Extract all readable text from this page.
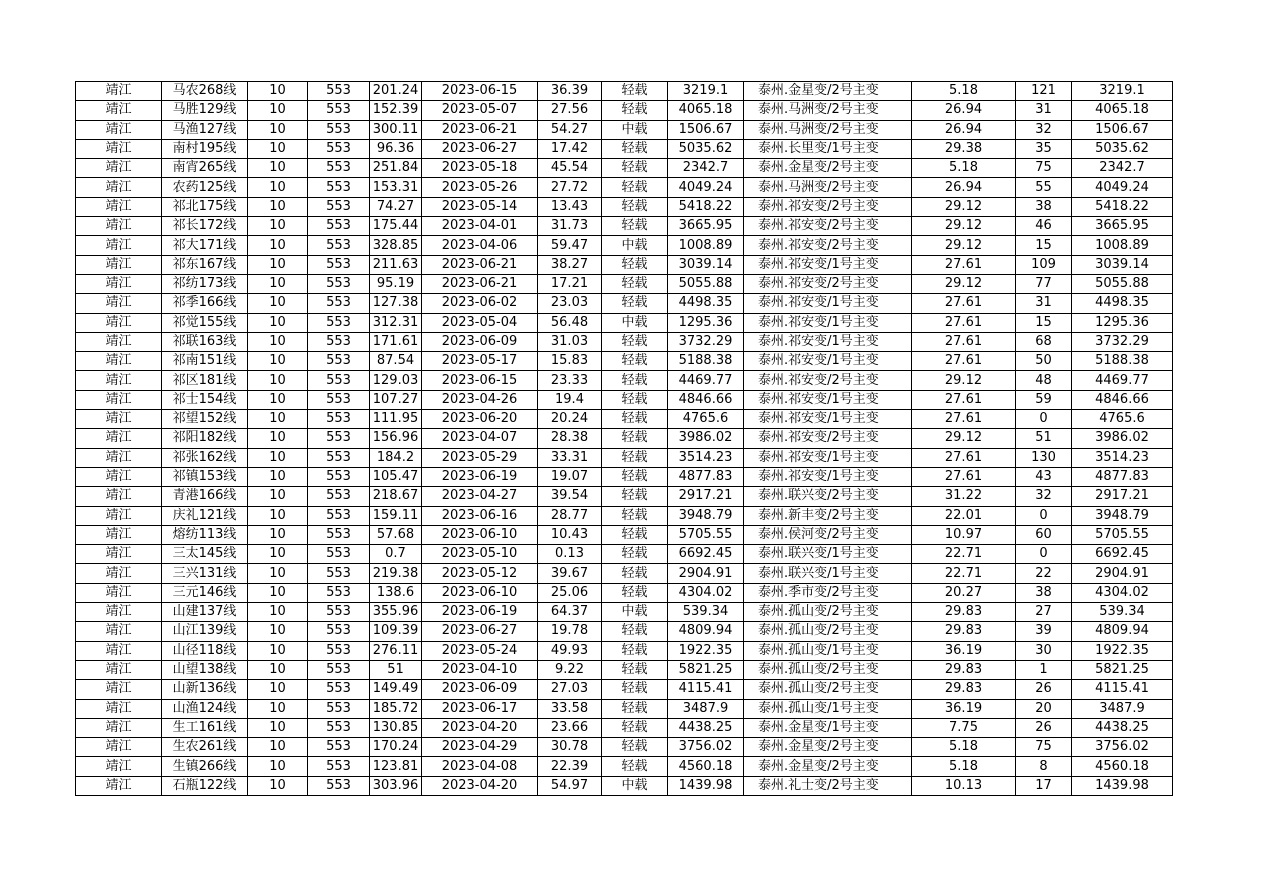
靖江	马农268线	10	553	201.24	2023-06-15	36.39	轻载	3219.1	泰州.金星变/2号主变	5.18	121	3219.1
靖江	马胜129线	10	553	152.39	2023-05-07	27.56	轻载	4065.18	泰州.马洲变/2号主变	26.94	31	4065.18
靖江	马渔127线	10	553	300.11	2023-06-21	54.27	中载	1506.67	泰州.马洲变/2号主变	26.94	32	1506.67
靖江	南村195线	10	553	96.36	2023-06-27	17.42	轻载	5035.62	泰州.长里变/1号主变	29.38	35	5035.62
靖江	南宵265线	10	553	251.84	2023-05-18	45.54	轻载	2342.7	泰州.金星变/2号主变	5.18	75	2342.7
靖江	农药125线	10	553	153.31	2023-05-26	27.72	轻载	4049.24	泰州.马洲变/2号主变	26.94	55	4049.24
靖江	祁北175线	10	553	74.27	2023-05-14	13.43	轻载	5418.22	泰州.祁安变/2号主变	29.12	38	5418.22
靖江	祁长172线	10	553	175.44	2023-04-01	31.73	轻载	3665.95	泰州.祁安变/2号主变	29.12	46	3665.95
靖江	祁大171线	10	553	328.85	2023-04-06	59.47	中载	1008.89	泰州.祁安变/2号主变	29.12	15	1008.89
靖江	祁东167线	10	553	211.63	2023-06-21	38.27	轻载	3039.14	泰州.祁安变/1号主变	27.61	109	3039.14
靖江	祁纺173线	10	553	95.19	2023-06-21	17.21	轻载	5055.88	泰州.祁安变/2号主变	29.12	77	5055.88
靖江	祁季166线	10	553	127.38	2023-06-02	23.03	轻载	4498.35	泰州.祁安变/1号主变	27.61	31	4498.35
靖江	祁觉155线	10	553	312.31	2023-05-04	56.48	中载	1295.36	泰州.祁安变/1号主变	27.61	15	1295.36
靖江	祁联163线	10	553	171.61	2023-06-09	31.03	轻载	3732.29	泰州.祁安变/1号主变	27.61	68	3732.29
靖江	祁南151线	10	553	87.54	2023-05-17	15.83	轻载	5188.38	泰州.祁安变/1号主变	27.61	50	5188.38
靖江	祁区181线	10	553	129.03	2023-06-15	23.33	轻载	4469.77	泰州.祁安变/2号主变	29.12	48	4469.77
靖江	祁士154线	10	553	107.27	2023-04-26	19.4	轻载	4846.66	泰州.祁安变/1号主变	27.61	59	4846.66
靖江	祁望152线	10	553	111.95	2023-06-20	20.24	轻载	4765.6	泰州.祁安变/1号主变	27.61	0	4765.6
靖江	祁阳182线	10	553	156.96	2023-04-07	28.38	轻载	3986.02	泰州.祁安变/2号主变	29.12	51	3986.02
靖江	祁张162线	10	553	184.2	2023-05-29	33.31	轻载	3514.23	泰州.祁安变/1号主变	27.61	130	3514.23
靖江	祁镇153线	10	553	105.47	2023-06-19	19.07	轻载	4877.83	泰州.祁安变/1号主变	27.61	43	4877.83
靖江	青港166线	10	553	218.67	2023-04-27	39.54	轻载	2917.21	泰州.联兴变/2号主变	31.22	32	2917.21
靖江	庆礼121线	10	553	159.11	2023-06-16	28.77	轻载	3948.79	泰州.新丰变/2号主变	22.01	0	3948.79
靖江	熔纺113线	10	553	57.68	2023-06-10	10.43	轻载	5705.55	泰州.侯河变/2号主变	10.97	60	5705.55
靖江	三太145线	10	553	0.7	2023-05-10	0.13	轻载	6692.45	泰州.联兴变/1号主变	22.71	0	6692.45
靖江	三兴131线	10	553	219.38	2023-05-12	39.67	轻载	2904.91	泰州.联兴变/1号主变	22.71	22	2904.91
靖江	三元146线	10	553	138.6	2023-06-10	25.06	轻载	4304.02	泰州.季市变/2号主变	20.27	38	4304.02
靖江	山建137线	10	553	355.96	2023-06-19	64.37	中载	539.34	泰州.孤山变/2号主变	29.83	27	539.34
靖江	山江139线	10	553	109.39	2023-06-27	19.78	轻载	4809.94	泰州.孤山变/2号主变	29.83	39	4809.94
靖江	山径118线	10	553	276.11	2023-05-24	49.93	轻载	1922.35	泰州.孤山变/1号主变	36.19	30	1922.35
靖江	山望138线	10	553	51	2023-04-10	9.22	轻载	5821.25	泰州.孤山变/2号主变	29.83	1	5821.25
靖江	山新136线	10	553	149.49	2023-06-09	27.03	轻载	4115.41	泰州.孤山变/2号主变	29.83	26	4115.41
靖江	山渔124线	10	553	185.72	2023-06-17	33.58	轻载	3487.9	泰州.孤山变/1号主变	36.19	20	3487.9
靖江	生工161线	10	553	130.85	2023-04-20	23.66	轻载	4438.25	泰州.金星变/1号主变	7.75	26	4438.25
靖江	生农261线	10	553	170.24	2023-04-29	30.78	轻载	3756.02	泰州.金星变/2号主变	5.18	75	3756.02
靖江	生镇266线	10	553	123.81	2023-04-08	22.39	轻载	4560.18	泰州.金星变/2号主变	5.18	8	4560.18
靖江	石瓶122线	10	553	303.96	2023-04-20	54.97	中载	1439.98	泰州.礼士变/2号主变	10.13	17	1439.98
